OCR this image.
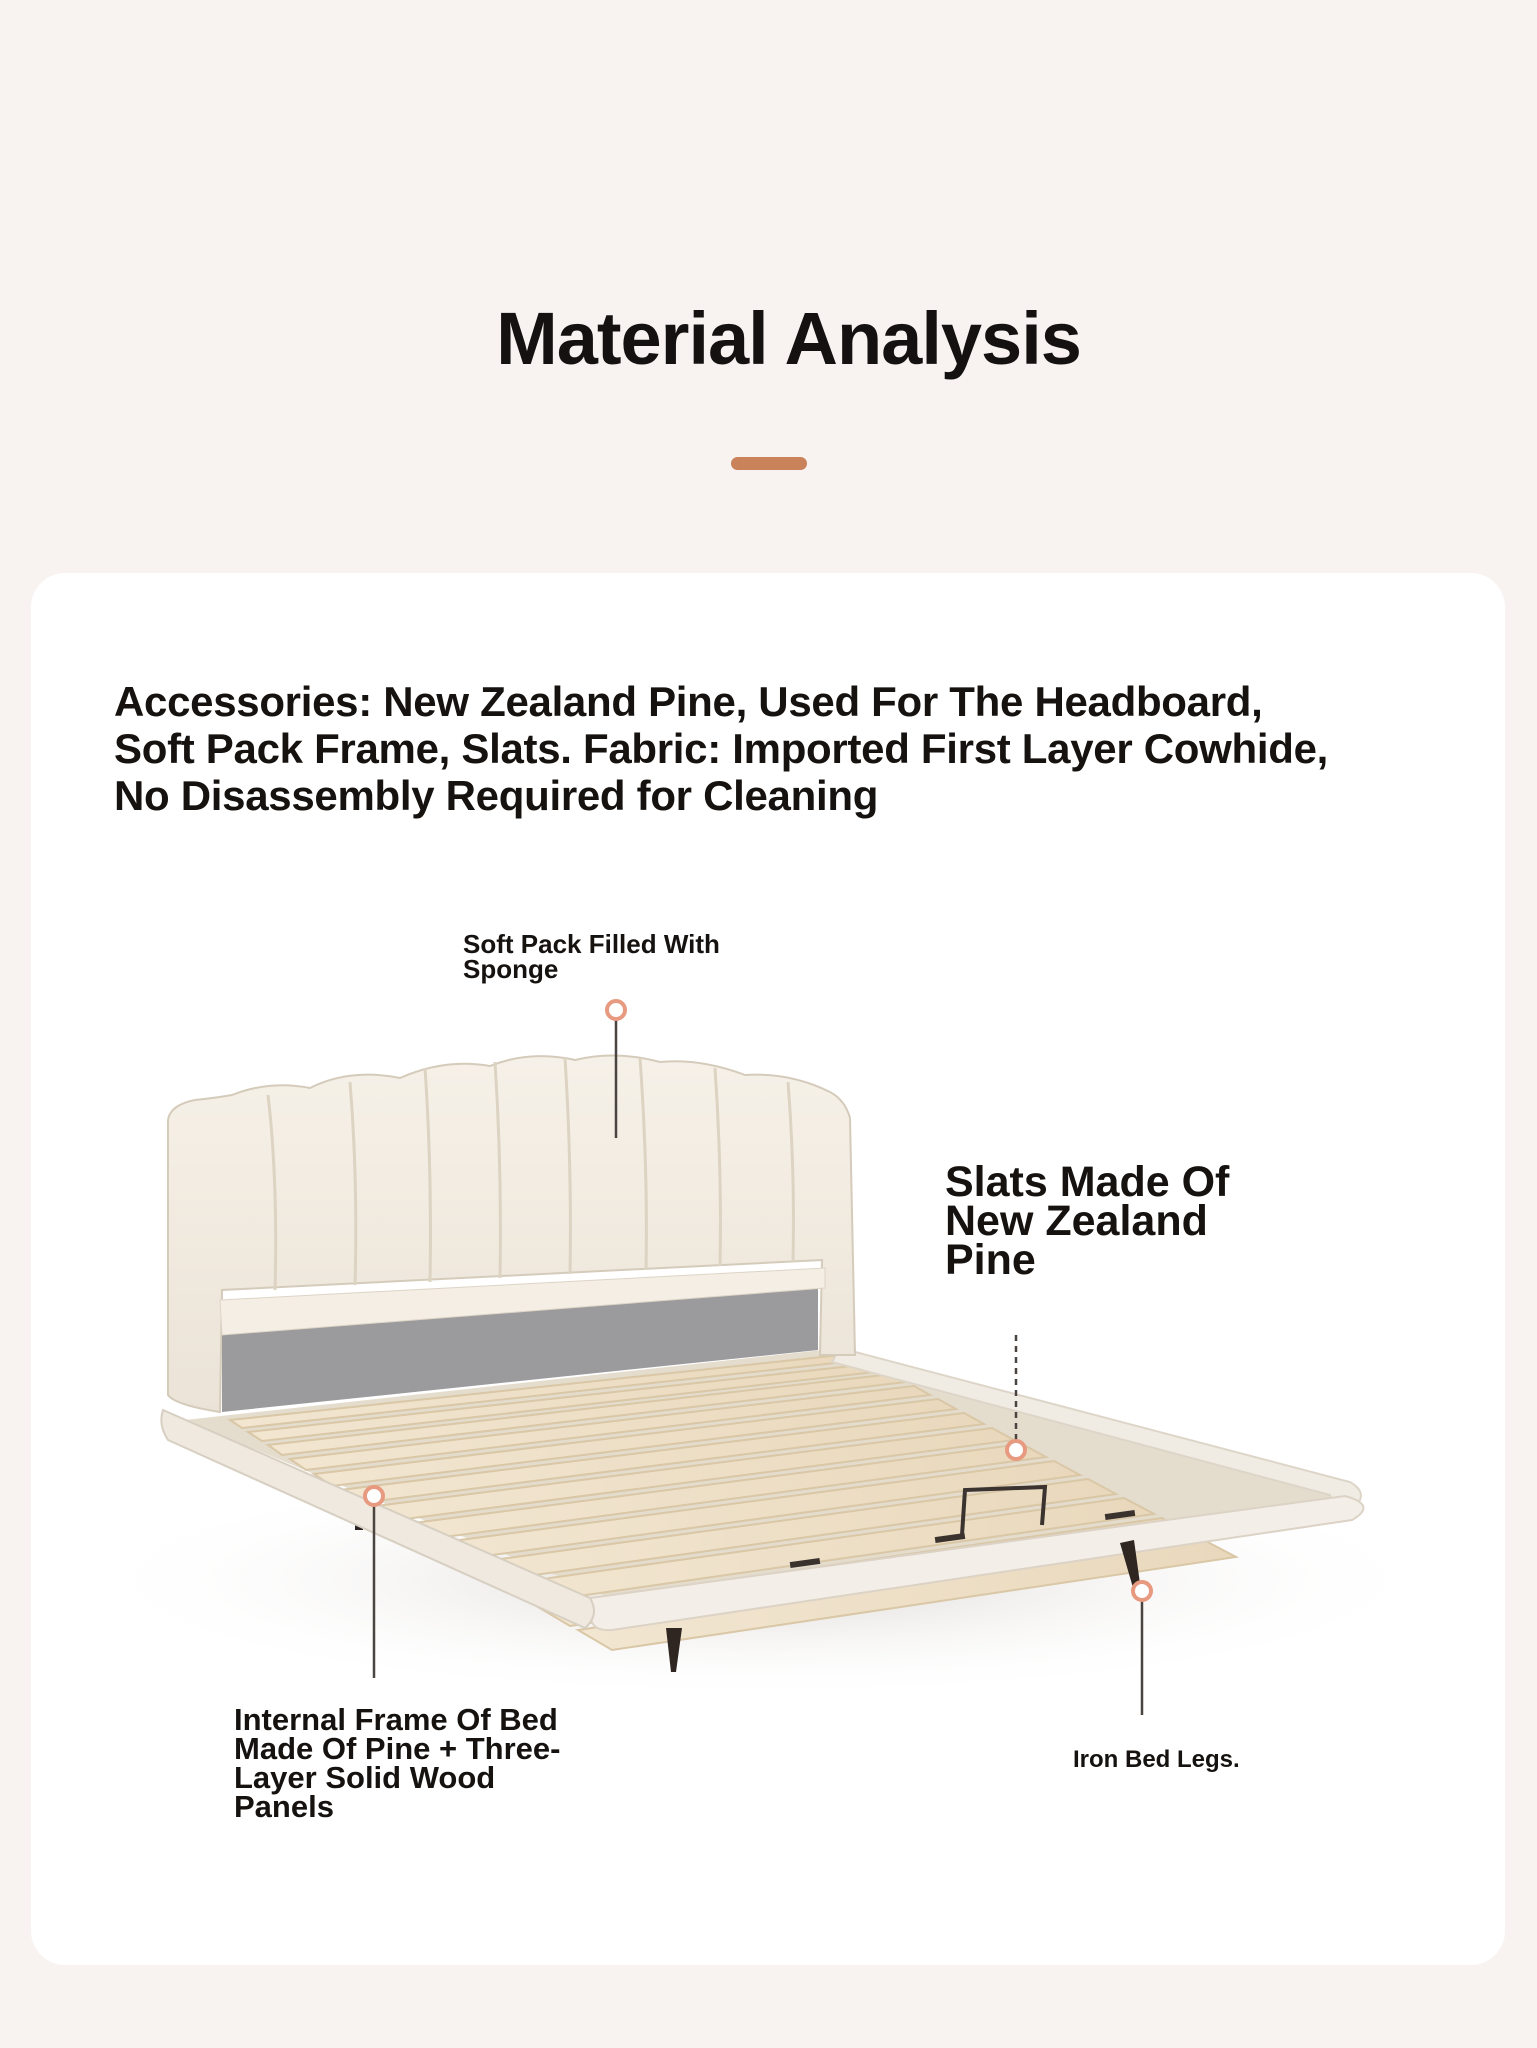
Material Analysis
Accessories: New Zealand Pine, Used For The Headboard, Soft Pack Frame, Slats. Fabric: Imported First Layer Cowhide, No Disassembly Required for Cleaning
Soft Pack Filled With Sponge
Slats Made Of New Zealand Pine
Internal Frame Of Bed Made Of Pine + Three-Layer Solid Wood Panels
Iron Bed Legs.
